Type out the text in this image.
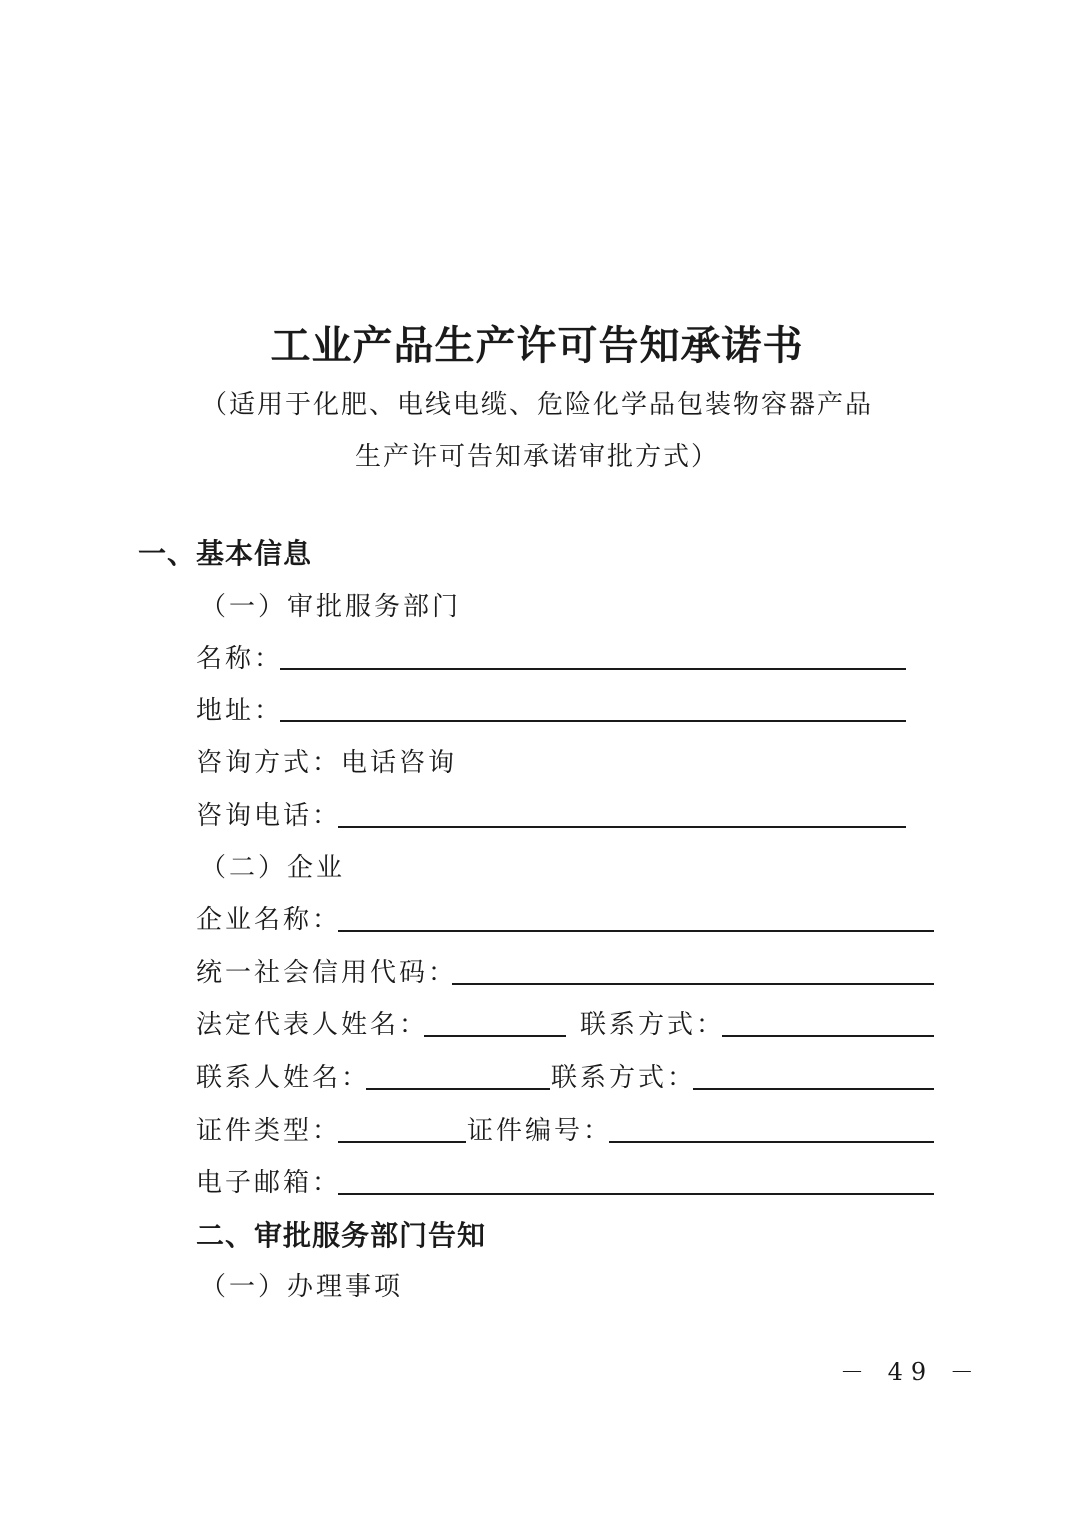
工业产品生产许可告知承诺书
（适用于化肥、电线电缆、危险化学品包装物容器产品
生产许可告知承诺审批方式）
一、基本信息
（一）审批服务部门
名称：
地址：
咨询方式：电话咨询
咨询电话：
（二）企业
企业名称：
统一社会信用代码：
法定代表人姓名：	联系方式：
联系人姓名：	联系方式：
证件类型：	证件编号：
电子邮箱：
二、审批服务部门告知
（一）办理事项
－ 49 －
